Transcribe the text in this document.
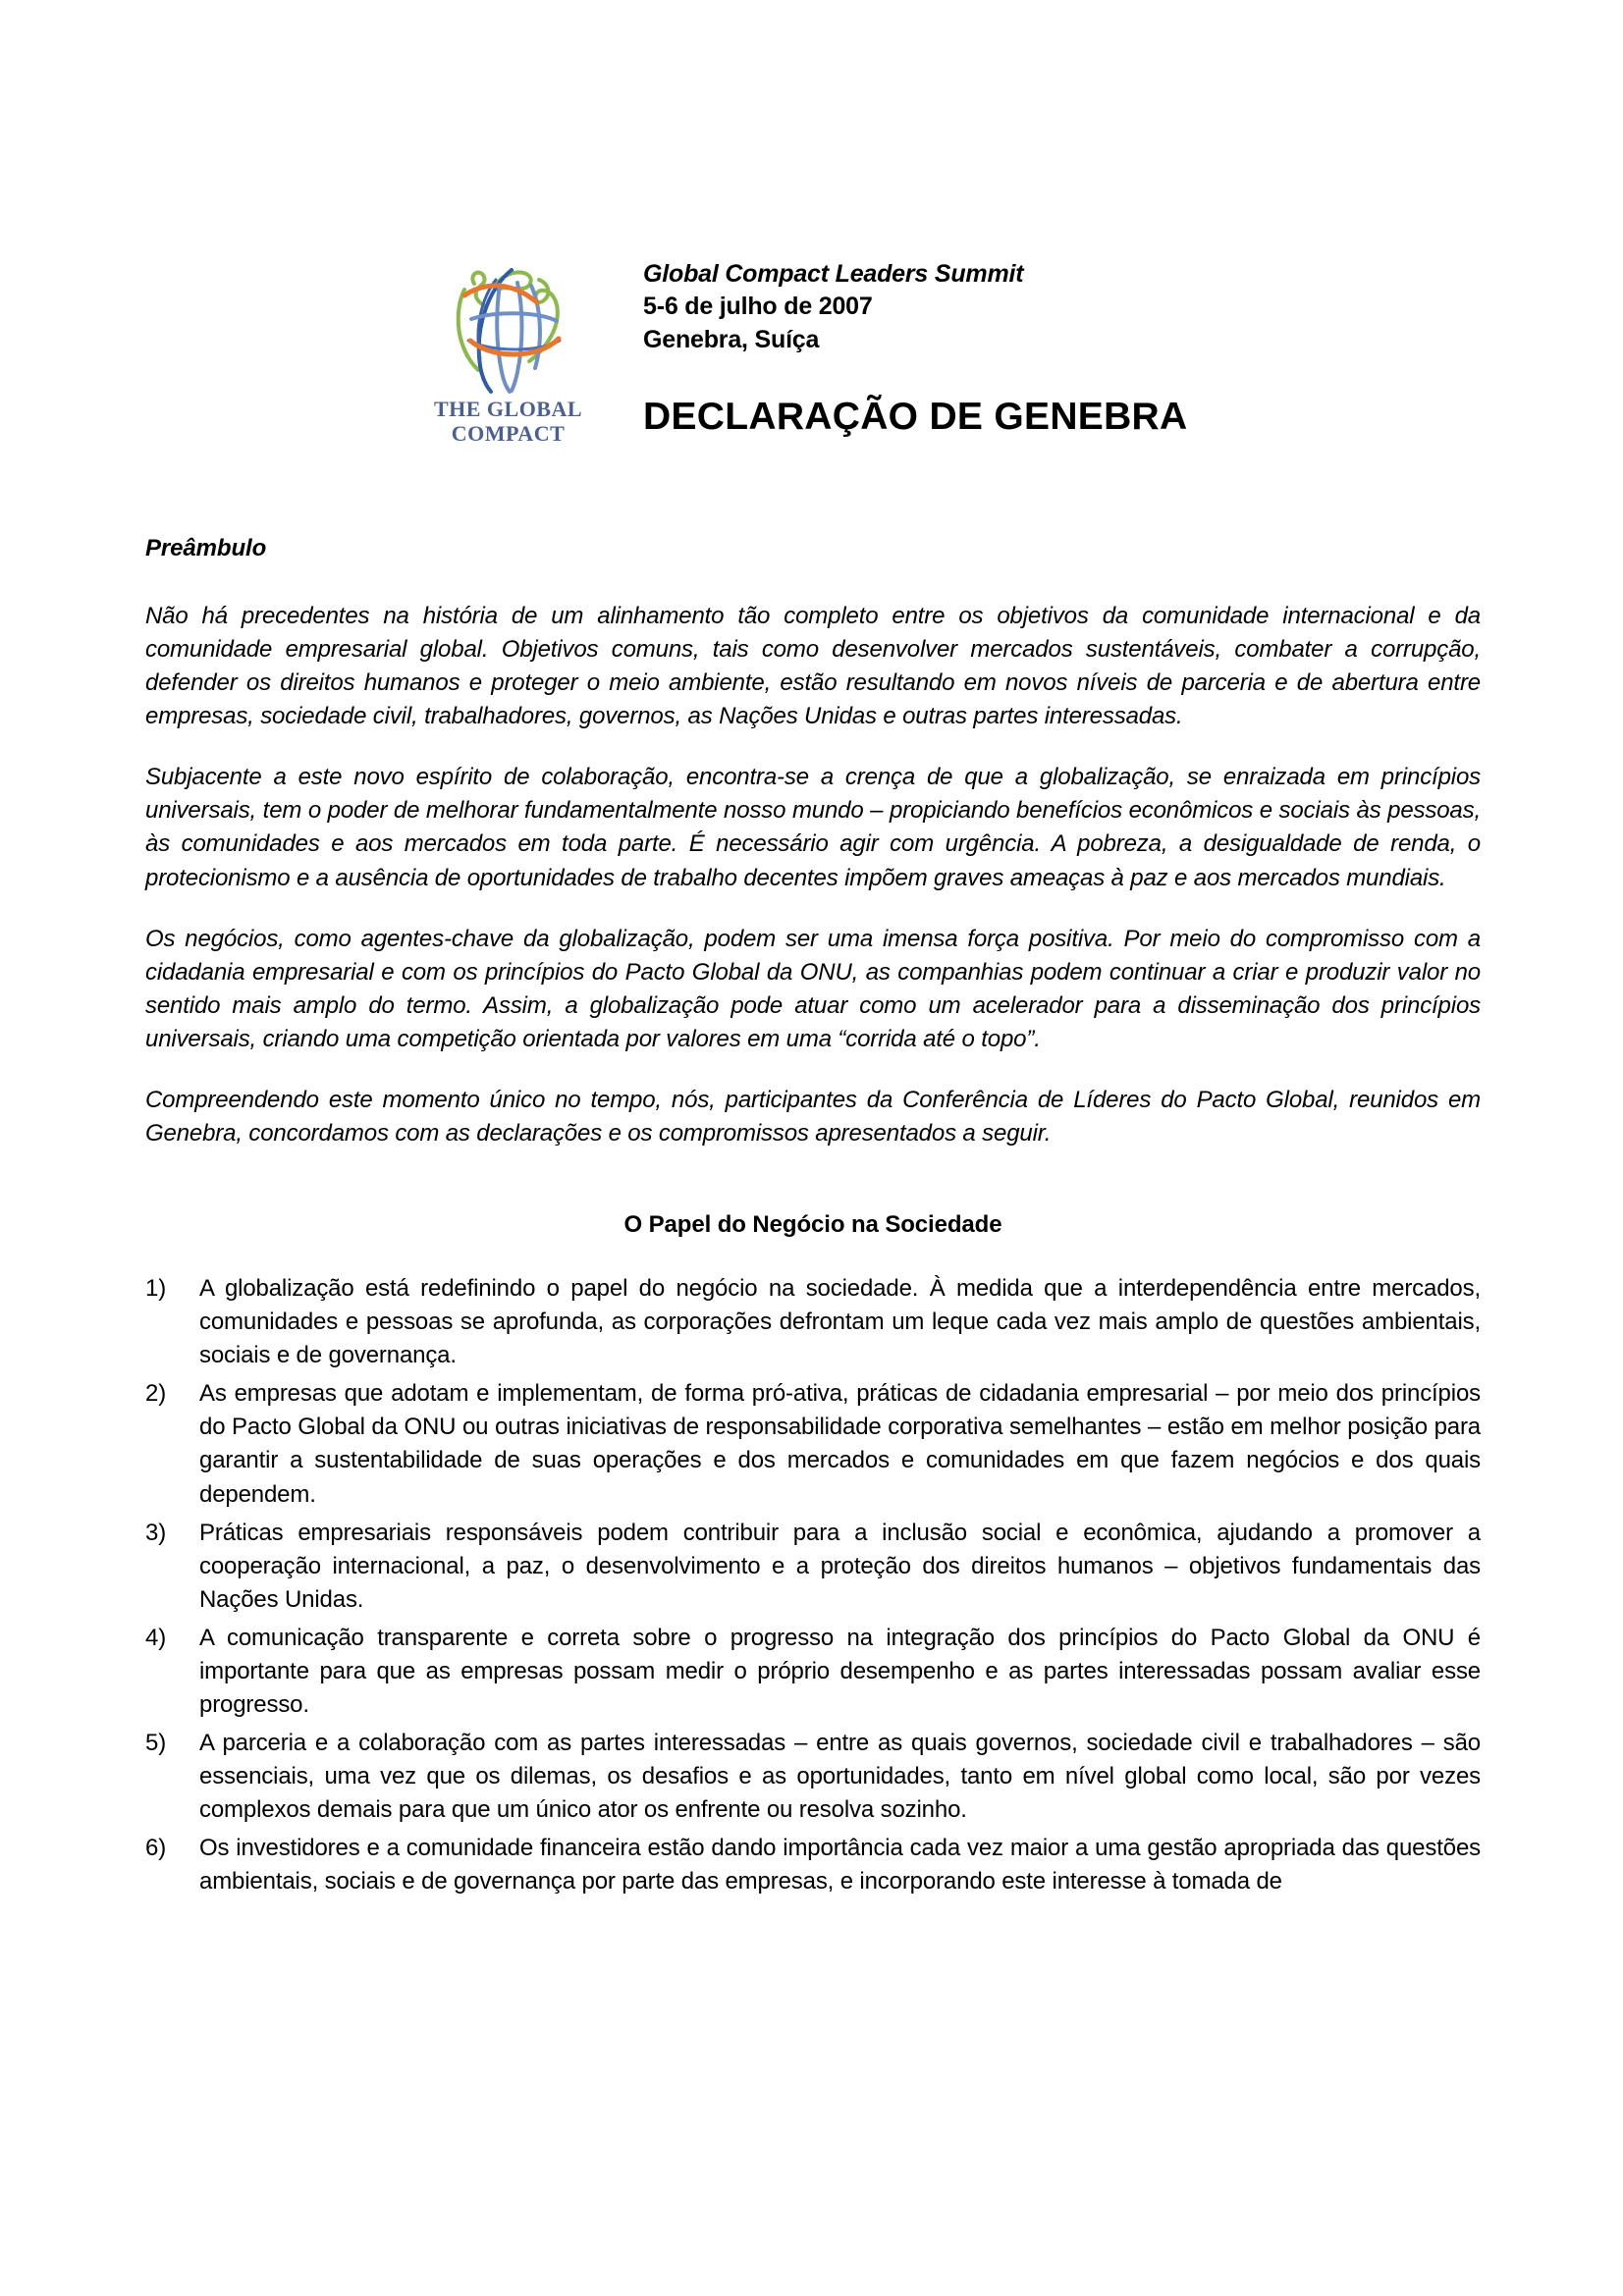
THE GLOBAL
COMPACT
Global Compact Leaders Summit
5-6 de julho de 2007
Genebra, Suíça
DECLARAÇÃO DE GENEBRA
Preâmbulo

Não há precedentes na história de um alinhamento tão completo entre os objetivos da comunidade internacional e da comunidade empresarial global. Objetivos comuns, tais como desenvolver mercados sustentáveis, combater a corrupção, defender os direitos humanos e proteger o meio ambiente, estão resultando em novos níveis de parceria e de abertura entre empresas, sociedade civil, trabalhadores, governos, as Nações Unidas e outras partes interessadas.

Subjacente a este novo espírito de colaboração, encontra-se a crença de que a globalização, se enraizada em princípios universais, tem o poder de melhorar fundamentalmente nosso mundo – propiciando benefícios econômicos e sociais às pessoas, às comunidades e aos mercados em toda parte. É necessário agir com urgência. A pobreza, a desigualdade de renda, o protecionismo e a ausência de oportunidades de trabalho decentes impõem graves ameaças à paz e aos mercados mundiais.

Os negócios, como agentes-chave da globalização, podem ser uma imensa força positiva. Por meio do compromisso com a cidadania empresarial e com os princípios do Pacto Global da ONU, as companhias podem continuar a criar e produzir valor no sentido mais amplo do termo. Assim, a globalização pode atuar como um acelerador para a disseminação dos princípios universais, criando uma competição orientada por valores em uma “corrida até o topo”.

Compreendendo este momento único no tempo, nós, participantes da Conferência de Líderes do Pacto Global, reunidos em Genebra, concordamos com as declarações e os compromissos apresentados a seguir.

O Papel do Negócio na Sociedade
1)	A globalização está redefinindo o papel do negócio na sociedade. À medida que a interdependência entre mercados, comunidades e pessoas se aprofunda, as corporações defrontam um leque cada vez mais amplo de questões ambientais, sociais e de governança.
2)	As empresas que adotam e implementam, de forma pró-ativa, práticas de cidadania empresarial – por meio dos princípios do Pacto Global da ONU ou outras iniciativas de responsabilidade corporativa semelhantes – estão em melhor posição para garantir a sustentabilidade de suas operações e dos mercados e comunidades em que fazem negócios e dos quais dependem.
3)	Práticas empresariais responsáveis podem contribuir para a inclusão social e econômica, ajudando a promover a cooperação internacional, a paz, o desenvolvimento e a proteção dos direitos humanos – objetivos fundamentais das Nações Unidas.
4)	A comunicação transparente e correta sobre o progresso na integração dos princípios do Pacto Global da ONU é importante para que as empresas possam medir o próprio desempenho e as partes interessadas possam avaliar esse progresso.
5)	A parceria e a colaboração com as partes interessadas – entre as quais governos, sociedade civil e trabalhadores – são essenciais, uma vez que os dilemas, os desafios e as oportunidades, tanto em nível global como local, são por vezes complexos demais para que um único ator os enfrente ou resolva sozinho.
6)	Os investidores e a comunidade financeira estão dando importância cada vez maior a uma gestão apropriada das questões ambientais, sociais e de governança por parte das empresas, e incorporando este interesse à tomada de
